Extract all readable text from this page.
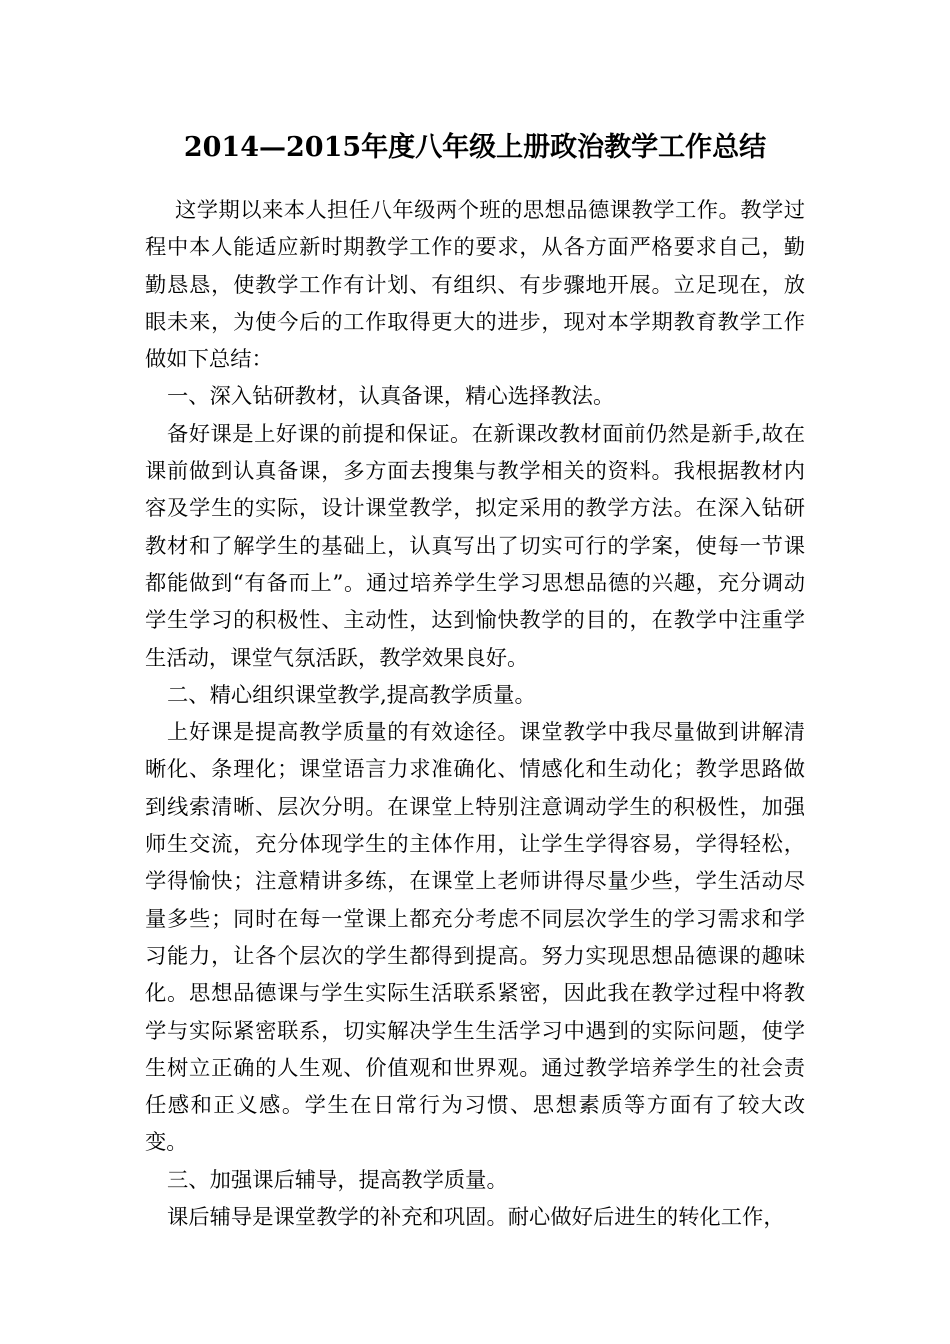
2014—2015年度八年级上册政治教学工作总结

这学期以来本人担任八年级两个班的思想品德课教学工作。教学过程中本人能适应新时期教学工作的要求，从各方面严格要求自己，勤勤恳恳，使教学工作有计划、有组织、有步骤地开展。立足现在，放眼未来，为使今后的工作取得更大的进步，现对本学期教育教学工作做如下总结：

一、深入钻研教材，认真备课，精心选择教法。

备好课是上好课的前提和保证。在新课改教材面前仍然是新手,故在课前做到认真备课，多方面去搜集与教学相关的资料。我根据教材内容及学生的实际，设计课堂教学，拟定采用的教学方法。在深入钻研教材和了解学生的基础上，认真写出了切实可行的学案，使每一节课都能做到“有备而上”。通过培养学生学习思想品德的兴趣，充分调动学生学习的积极性、主动性，达到愉快教学的目的，在教学中注重学生活动，课堂气氛活跃，教学效果良好。

二、精心组织课堂教学,提高教学质量。

上好课是提高教学质量的有效途径。课堂教学中我尽量做到讲解清晰化、条理化；课堂语言力求准确化、情感化和生动化；教学思路做到线索清晰、层次分明。在课堂上特别注意调动学生的积极性，加强师生交流，充分体现学生的主体作用，让学生学得容易，学得轻松，学得愉快；注意精讲多练，在课堂上老师讲得尽量少些，学生活动尽量多些；同时在每一堂课上都充分考虑不同层次学生的学习需求和学习能力，让各个层次的学生都得到提高。努力实现思想品德课的趣味化。思想品德课与学生实际生活联系紧密，因此我在教学过程中将教学与实际紧密联系，切实解决学生生活学习中遇到的实际问题，使学生树立正确的人生观、价值观和世界观。通过教学培养学生的社会责任感和正义感。学生在日常行为习惯、思想素质等方面有了较大改变。

三、加强课后辅导，提高教学质量。

课后辅导是课堂教学的补充和巩固。耐心做好后进生的转化工作，
